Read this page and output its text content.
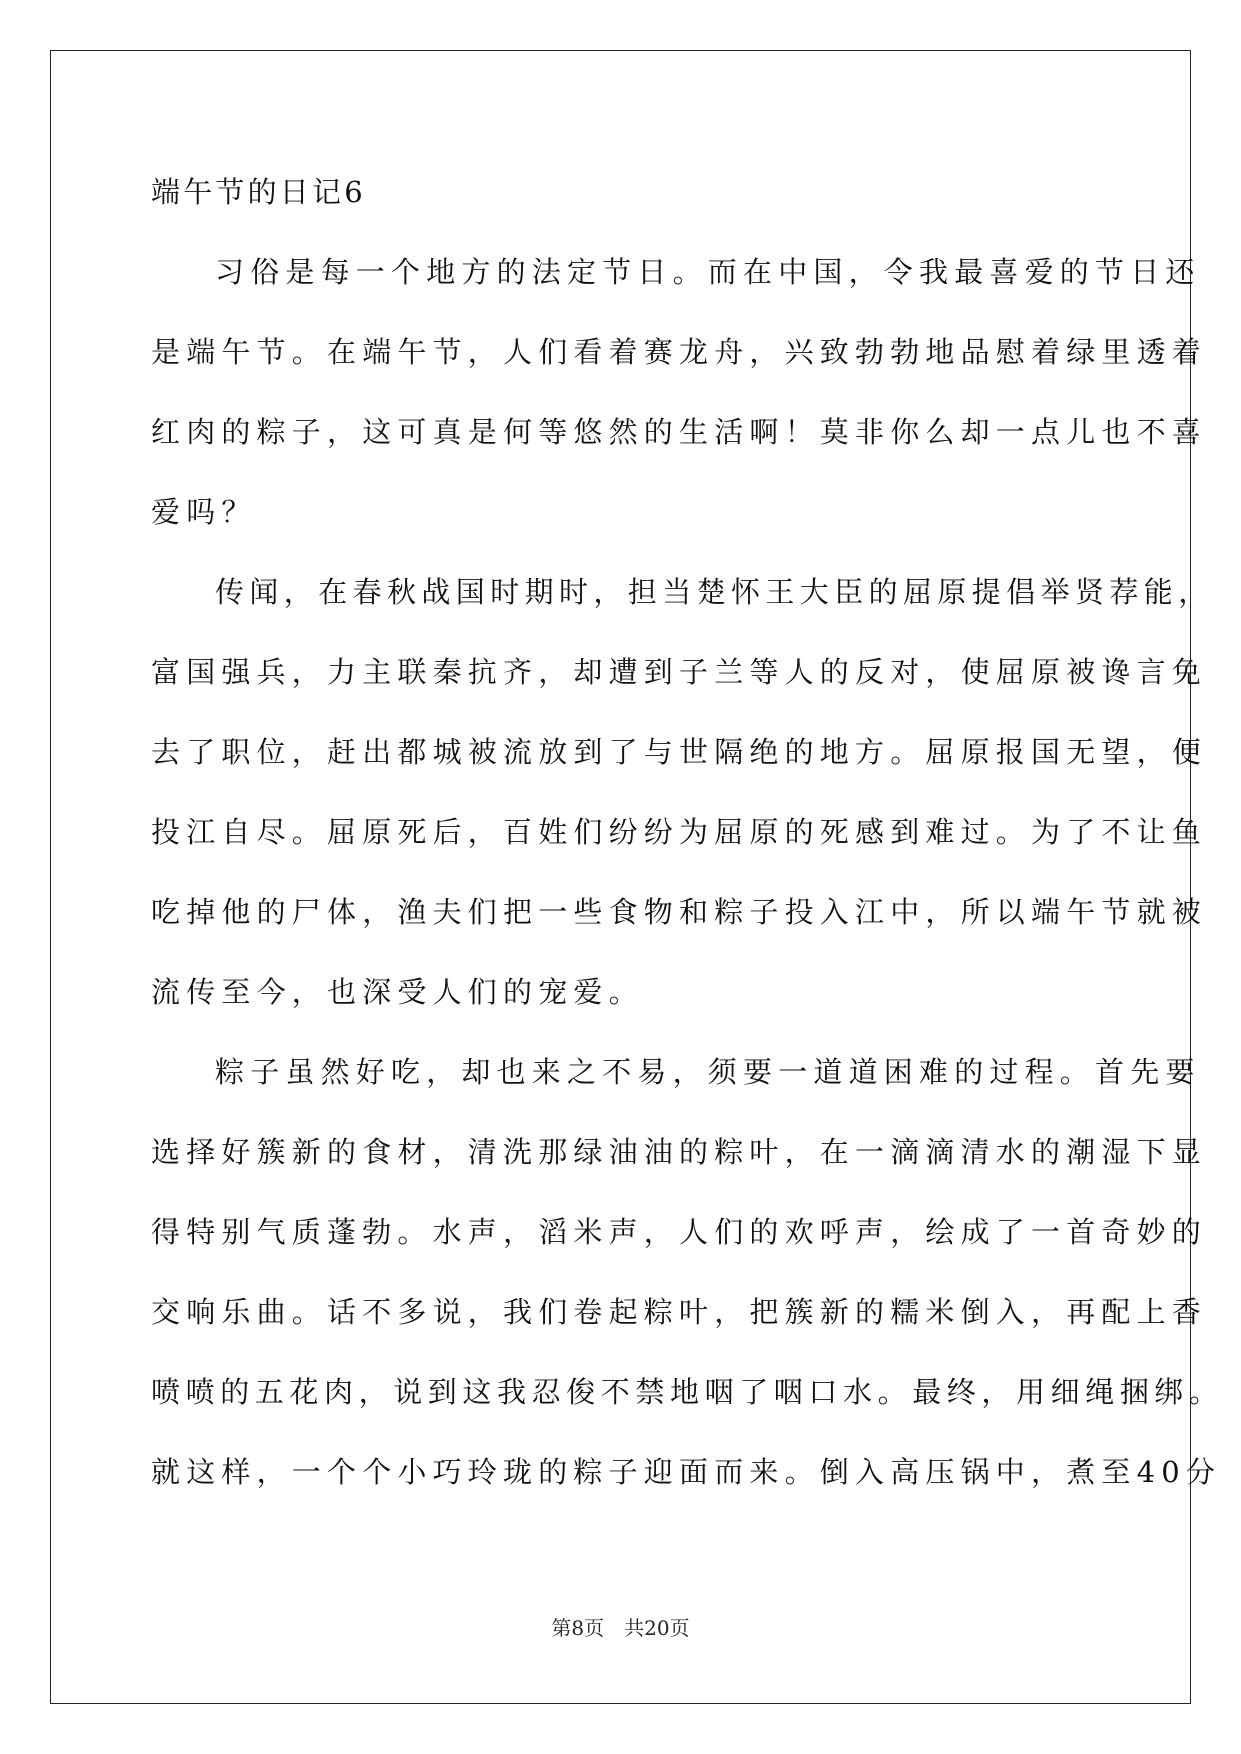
端午节的日记6
习俗是每一个地方的法定节日。而在中国，令我最喜爱的节日还
是端午节。在端午节，人们看着赛龙舟，兴致勃勃地品慰着绿里透着
红肉的粽子，这可真是何等悠然的生活啊！莫非你么却一点儿也不喜
爱吗？
传闻，在春秋战国时期时，担当楚怀王大臣的屈原提倡举贤荐能，
富国强兵，力主联秦抗齐，却遭到子兰等人的反对，使屈原被谗言免
去了职位，赶出都城被流放到了与世隔绝的地方。屈原报国无望，便
投江自尽。屈原死后，百姓们纷纷为屈原的死感到难过。为了不让鱼
吃掉他的尸体，渔夫们把一些食物和粽子投入江中，所以端午节就被
流传至今，也深受人们的宠爱。
粽子虽然好吃，却也来之不易，须要一道道困难的过程。首先要
选择好簇新的食材，清洗那绿油油的粽叶，在一滴滴清水的潮湿下显
得特别气质蓬勃。水声，滔米声，人们的欢呼声，绘成了一首奇妙的
交响乐曲。话不多说，我们卷起粽叶，把簇新的糯米倒入，再配上香
喷喷的五花肉，说到这我忍俊不禁地咽了咽口水。最终，用细绳捆绑。
就这样，一个个小巧玲珑的粽子迎面而来。倒入高压锅中，煮至40分
第8页　共20页
